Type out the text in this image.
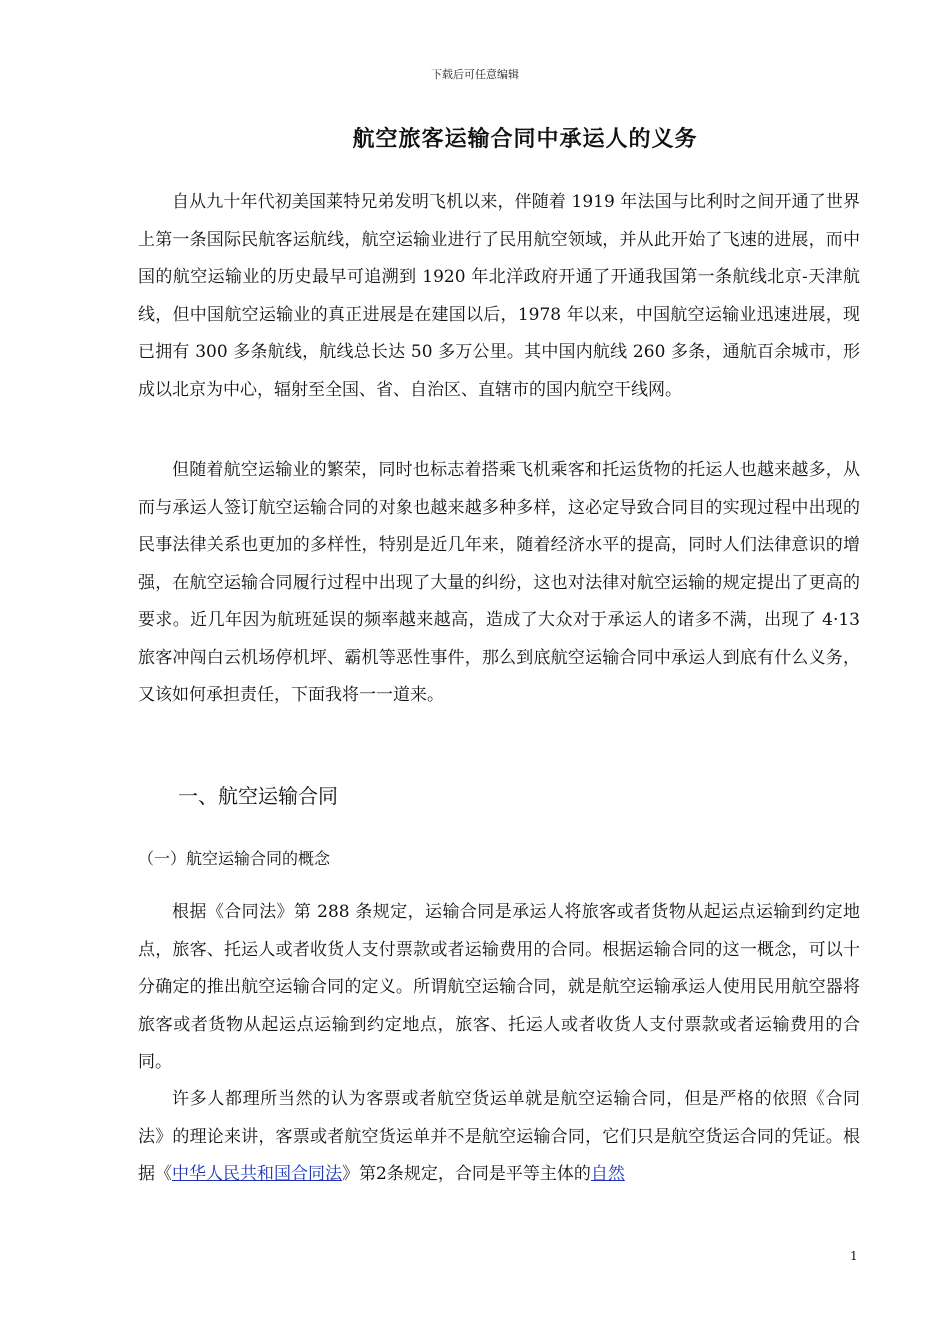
下载后可任意编辑
航空旅客运输合同中承运人的义务

自从九十年代初美国莱特兄弟发明飞机以来，伴随着 1919 年法国与比利时之间开通了世界上第一条国际民航客运航线，航空运输业进行了民用航空领域，并从此开始了飞速的进展，而中国的航空运输业的历史最早可追溯到 1920 年北洋政府开通了开通我国第一条航线北京-天津航线，但中国航空运输业的真正进展是在建国以后，1978 年以来，中国航空运输业迅速进展，现已拥有 300 多条航线，航线总长达 50 多万公里。其中国内航线 260 多条，通航百余城市，形成以北京为中心，辐射至全国、省、自治区、直辖市的国内航空干线网。

但随着航空运输业的繁荣，同时也标志着搭乘飞机乘客和托运货物的托运人也越来越多，从而与承运人签订航空运输合同的对象也越来越多种多样，这必定导致合同目的实现过程中出现的民事法律关系也更加的多样性，特别是近几年来，随着经济水平的提高，同时人们法律意识的增强，在航空运输合同履行过程中出现了大量的纠纷，这也对法律对航空运输的规定提出了更高的要求。近几年因为航班延误的频率越来越高，造成了大众对于承运人的诸多不满，出现了 4·13 旅客冲闯白云机场停机坪、霸机等恶性事件，那么到底航空运输合同中承运人到底有什么义务，又该如何承担责任，下面我将一一道来。

一、航空运输合同
（一）航空运输合同的概念

根据《合同法》第 288 条规定，运输合同是承运人将旅客或者货物从起运点运输到约定地点，旅客、托运人或者收货人支付票款或者运输费用的合同。根据运输合同的这一概念，可以十分确定的推出航空运输合同的定义。所谓航空运输合同，就是航空运输承运人使用民用航空器将旅客或者货物从起运点运输到约定地点，旅客、托运人或者收货人支付票款或者运输费用的合同。

许多人都理所当然的认为客票或者航空货运单就是航空运输合同，但是严格的依照《合同法》的理论来讲，客票或者航空货运单并不是航空运输合同，它们只是航空货运合同的凭证。根据《中华人民共和国合同法》第2条规定，合同是平等主体的自然

1
